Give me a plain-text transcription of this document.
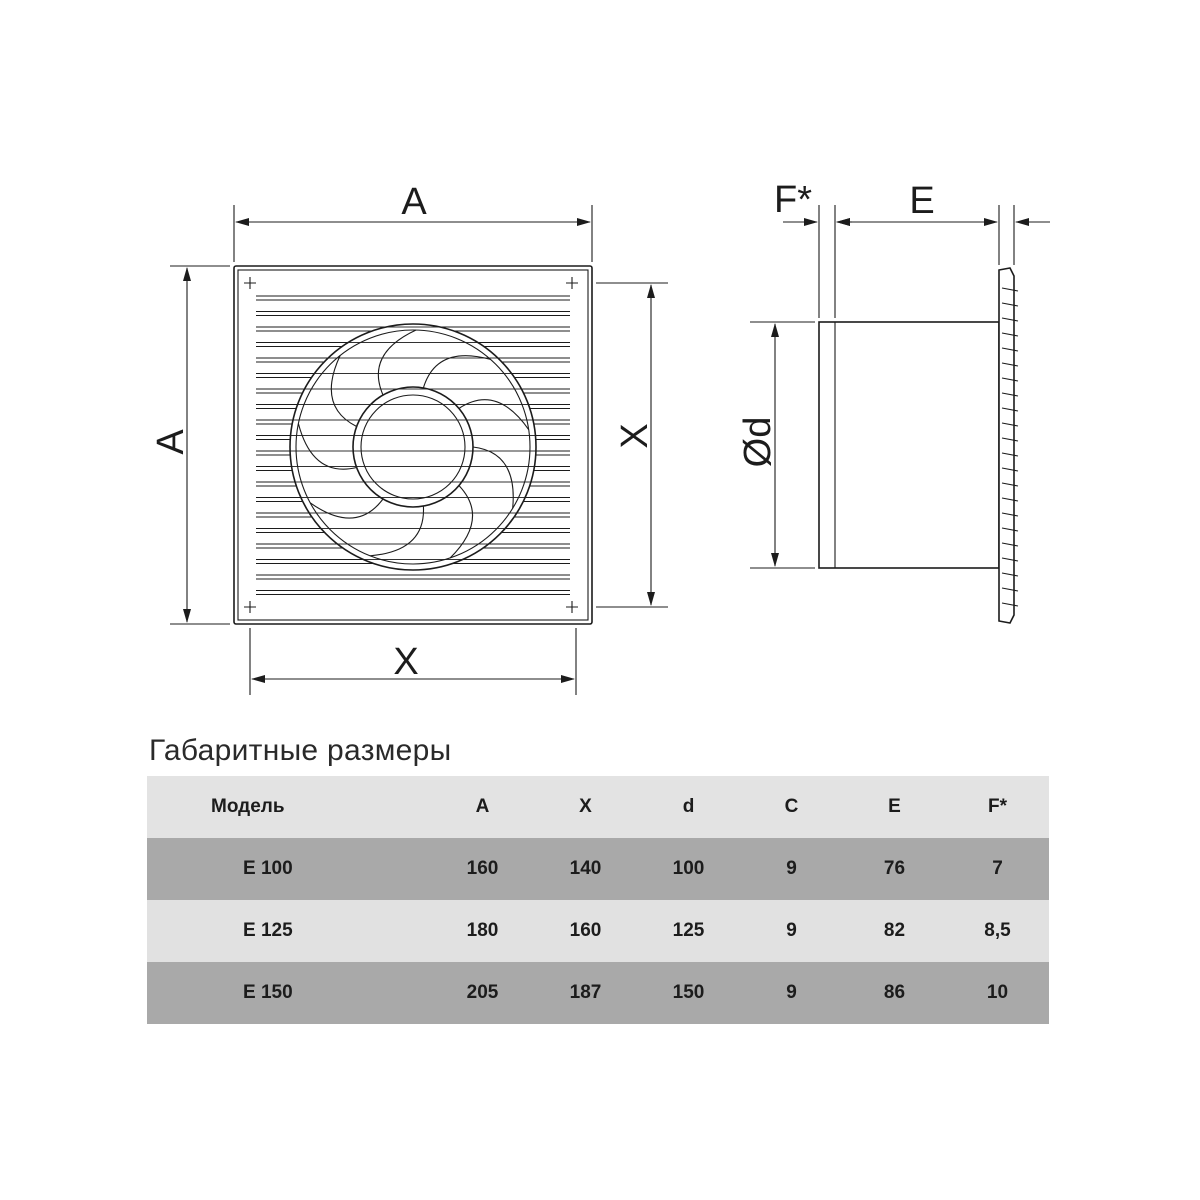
A
A
X
X
F*	E
Ød
Габаритные размеры
Модель	A	X	d	C	E	F*
E 100	160	140	100	9	76	7
E 125	180	160	125	9	82	8,5
E 150	205	187	150	9	86	10
